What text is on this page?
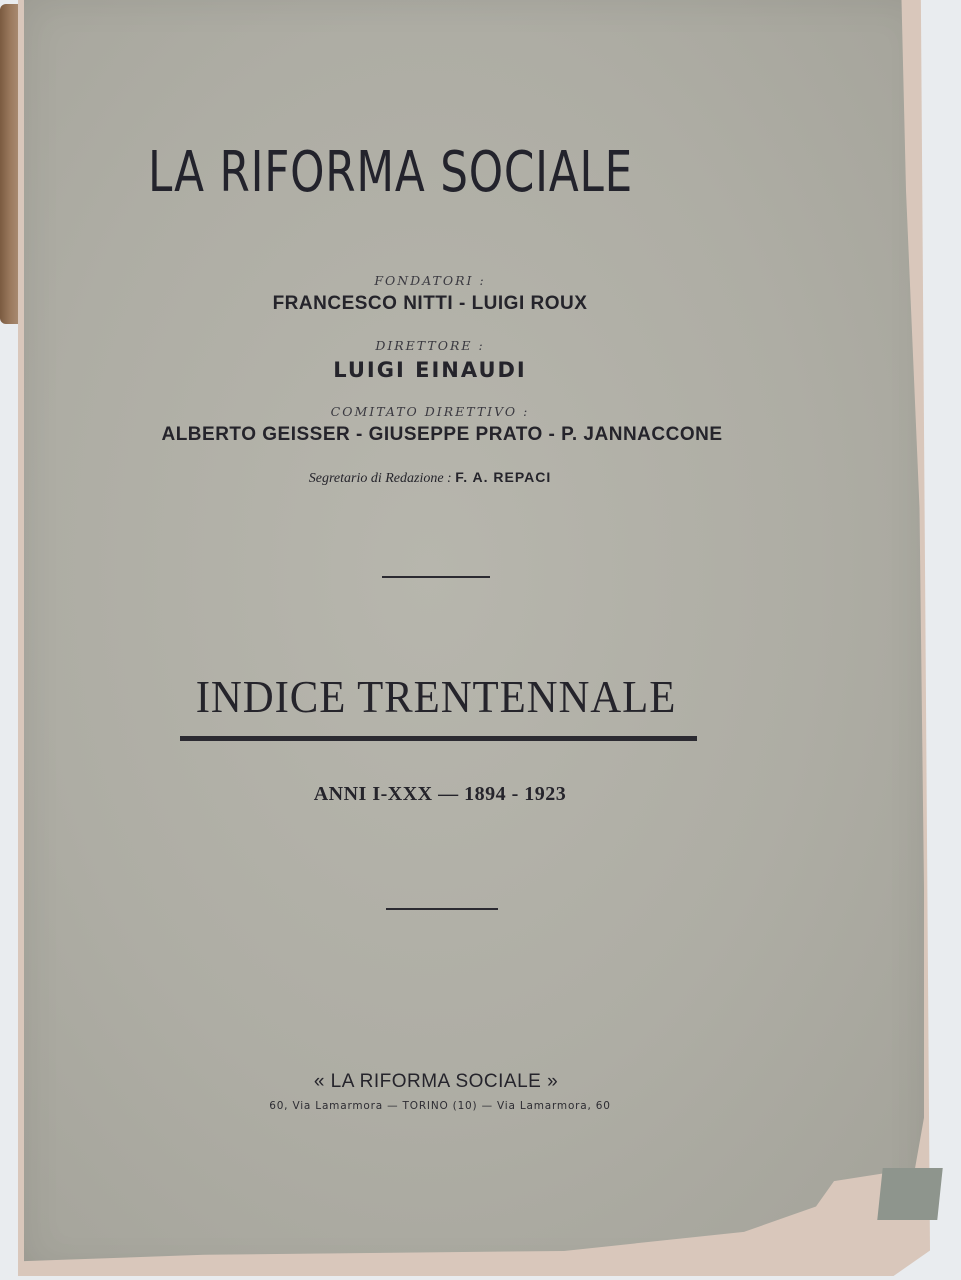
LA RIFORMA SOCIALE
FONDATORI :
FRANCESCO NITTI - LUIGI ROUX
DIRETTORE :
LUIGI EINAUDI
COMITATO DIRETTIVO :
ALBERTO GEISSER - GIUSEPPE PRATO - P. JANNACCONE
Segretario di Redazione : F. A. REPACI
INDICE TRENTENNALE
ANNI I-XXX — 1894 - 1923
« LA RIFORMA SOCIALE »
60, Via Lamarmora — TORINO (10) — Via Lamarmora, 60
